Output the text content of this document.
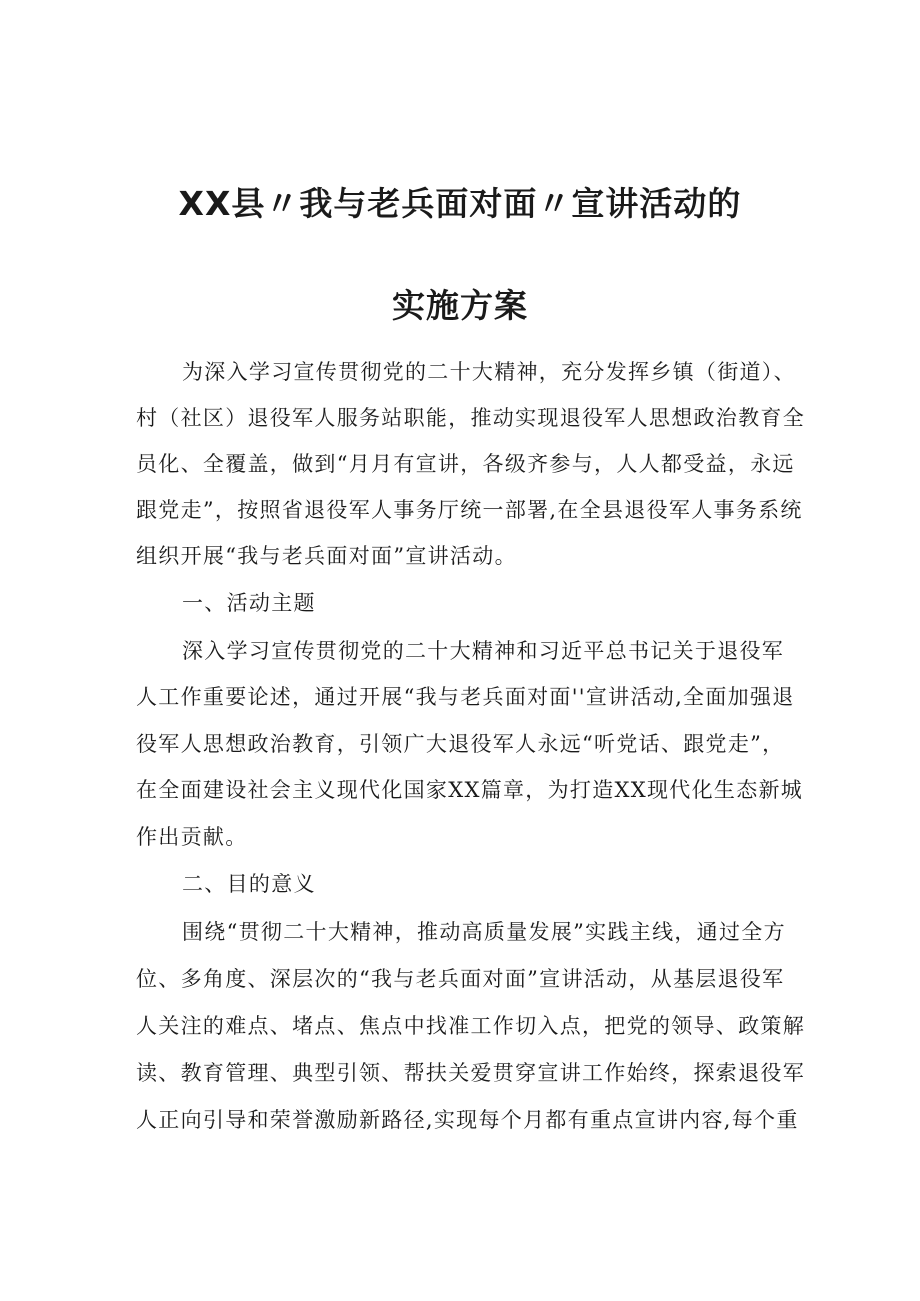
XX县〃我与老兵面对面〃宣讲活动的
实施方案

为深入学习宣传贯彻党的二十大精神，充分发挥乡镇（街道）、

村（社区）退役军人服务站职能，推动实现退役军人思想政治教育全

员化、全覆盖，做到“月月有宣讲，各级齐参与，人人都受益，永远

跟党走”，按照省退役军人事务厅统一部署,在全县退役军人事务系统

组织开展“我与老兵面对面”宣讲活动。

一、活动主题

深入学习宣传贯彻党的二十大精神和习近平总书记关于退役军

人工作重要论述，通过开展“我与老兵面对面''宣讲活动,全面加强退

役军人思想政治教育，引领广大退役军人永远“听党话、跟党走”，

在全面建设社会主义现代化国家XX篇章，为打造XX现代化生态新城

作出贡献。

二、目的意义

围绕“贯彻二十大精神，推动高质量发展”实践主线，通过全方

位、多角度、深层次的“我与老兵面对面”宣讲活动，从基层退役军

人关注的难点、堵点、焦点中找准工作切入点，把党的领导、政策解

读、教育管理、典型引领、帮扶关爱贯穿宣讲工作始终，探索退役军

人正向引导和荣誉激励新路径,实现每个月都有重点宣讲内容,每个重
